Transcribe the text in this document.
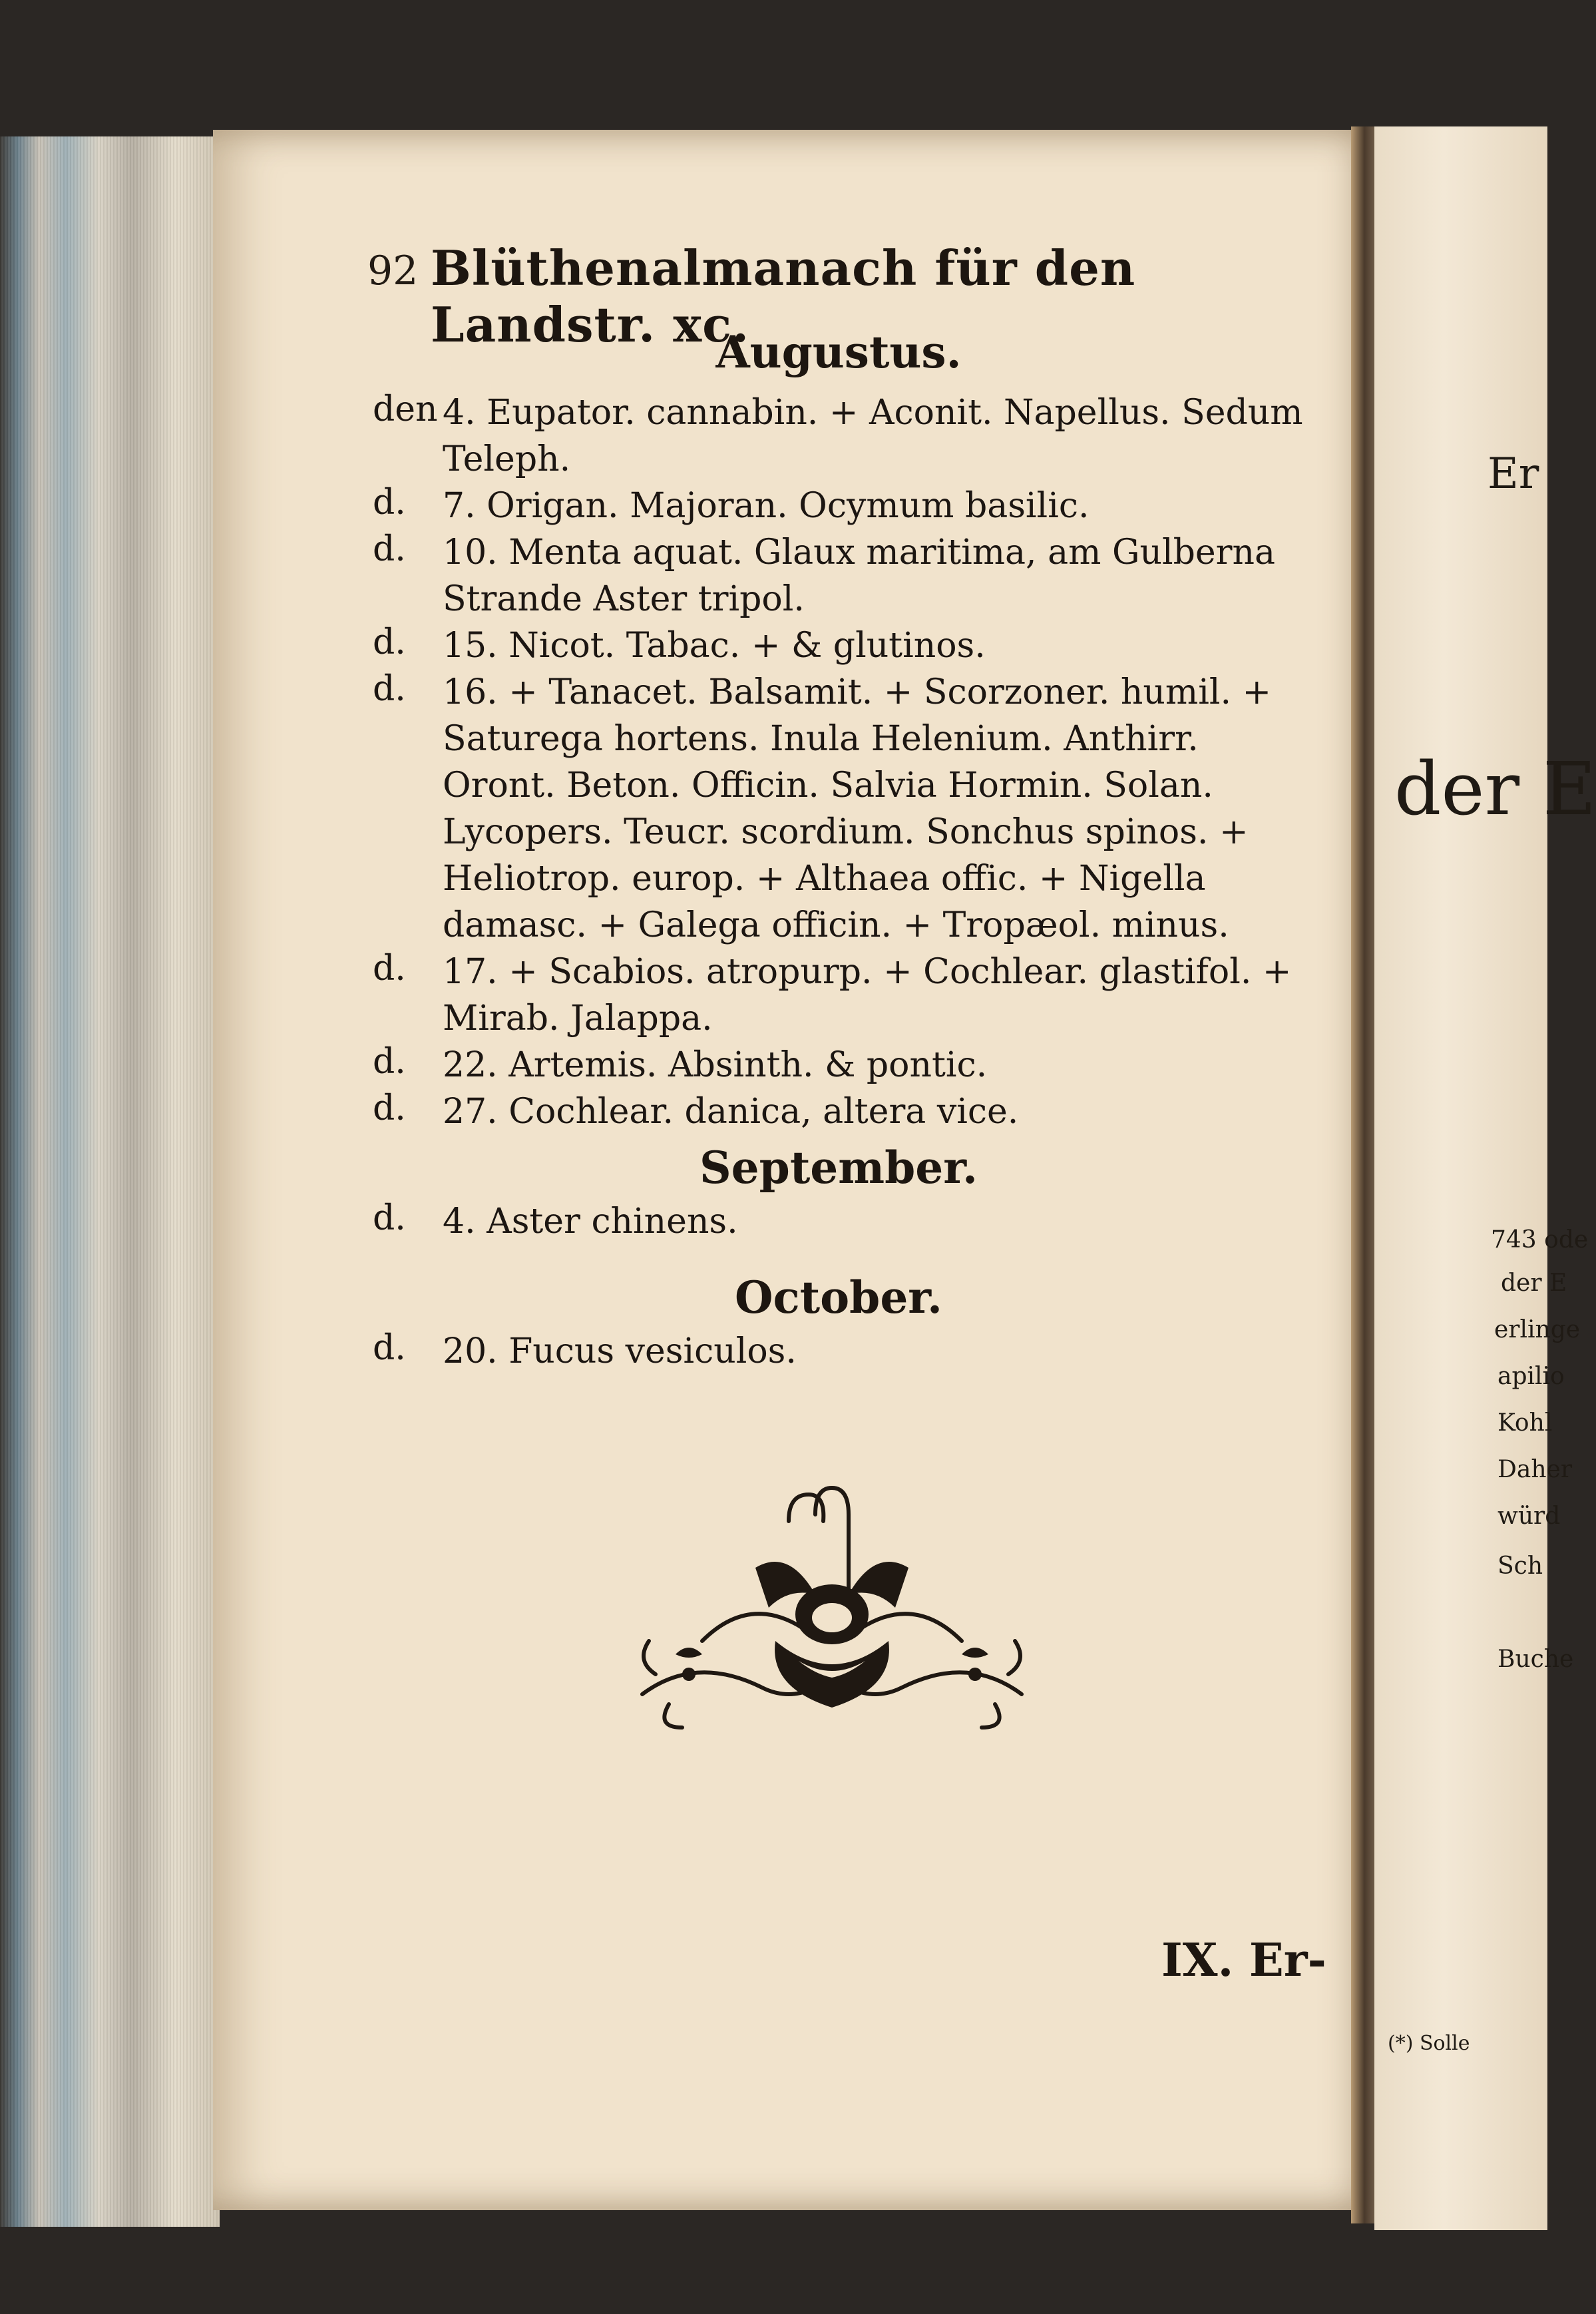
Er
der E
743 ode
der E
erlinge
apilio
Kohl
Daher
würd
Sch
Buche
(*) Solle
92 Blüthenalmanach für den Landstr. xc.
Augustus.
den 4. Eupator. cannabin. + Aconit. Napellus. Sedum Teleph.
d. 7. Origan. Majoran. Ocymum basilic.
d. 10. Menta aquat. Glaux maritima, am Gulberna Strande Aster tripol.
d. 15. Nicot. Tabac. + & glutinos.
d. 16. + Tanacet. Balsamit. + Scorzoner. humil. + Saturega hortens. Inula Helenium. Anthirr. Oront. Beton. Officin. Salvia Hormin. Solan. Lycopers. Teucr. scordium. Sonchus spinos. + Heliotrop. europ. + Althaea offic. + Nigella damasc. + Galega officin. + Tropæol. minus.
d. 17. + Scabios. atropurp. + Cochlear. glastifol. + Mirab. Jalappa.
d. 22. Artemis. Absinth. & pontic.
d. 27. Cochlear. danica, altera vice.
September.
d. 4. Aster chinens.
October.
d. 20. Fucus vesiculos.
IX. Er-
